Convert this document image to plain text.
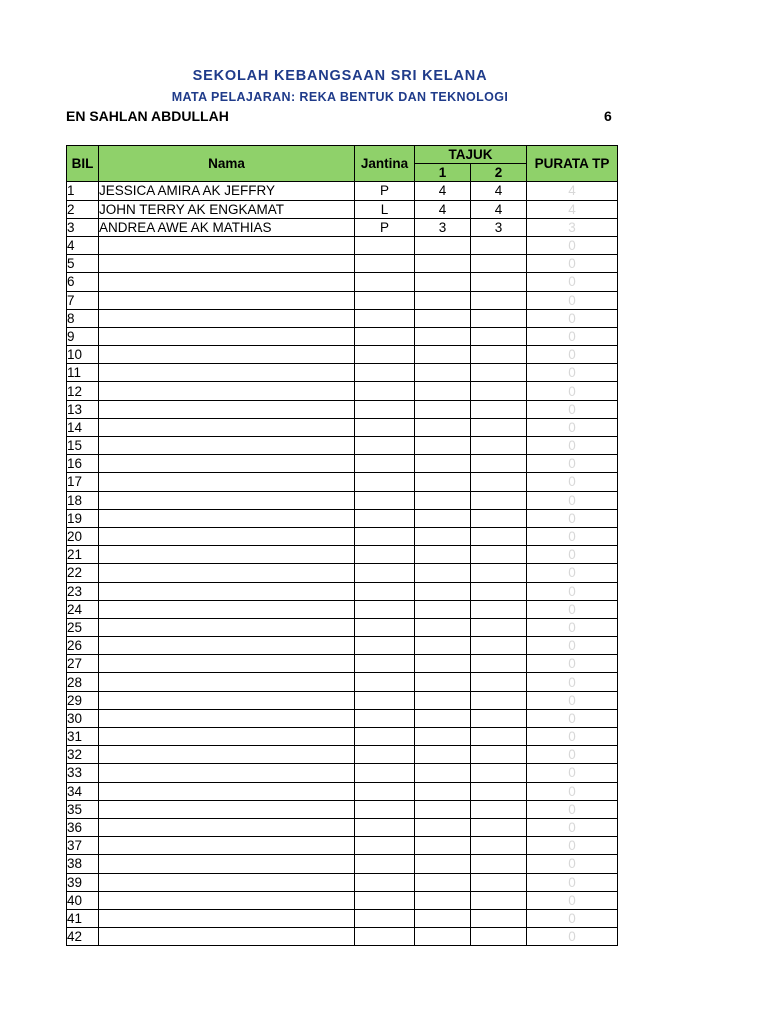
SEKOLAH KEBANGSAAN SRI KELANA
MATA PELAJARAN: REKA BENTUK DAN TEKNOLOGI
EN SAHLAN ABDULLAH	6
BIL	Nama	Jantina	TAJUK		PURATA TP
			1	2	
1	JESSICA AMIRA AK JEFFRY	P	4	4	4
2	JOHN TERRY AK ENGKAMAT	L	4	4	4
3	ANDREA AWE AK MATHIAS	P	3	3	3
4					0
5					0
6					0
7					0
8					0
9					0
10					0
11					0
12					0
13					0
14					0
15					0
16					0
17					0
18					0
19					0
20					0
21					0
22					0
23					0
24					0
25					0
26					0
27					0
28					0
29					0
30					0
31					0
32					0
33					0
34					0
35					0
36					0
37					0
38					0
39					0
40					0
41					0
42					0
